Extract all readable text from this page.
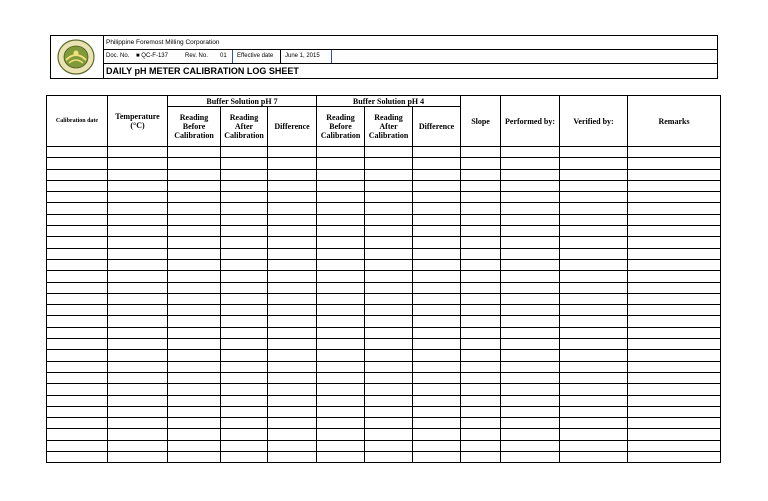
Philippine Foremost Milling Corporation
Doc. No. ■ QC-F-137	Rev. No. 01 Effective date June 1, 2015
DAILY pH METER CALIBRATION LOG SHEET
Calibration date	Temperature (°C)	Buffer Solution pH 7			Buffer Solution pH 4			Slope	Performed by:	Verified by:	Remarks
		Reading Before Calibration	Reading After Calibration	Difference	Reading Before Calibration	Reading After Calibration	Difference				
